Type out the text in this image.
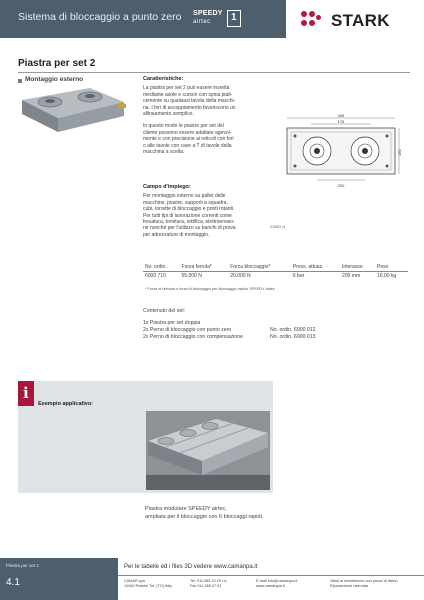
Sistema di bloccaggio a punto zero SPEEDY
airtec 1	STARK
Piastra per set 2
Montaggio esterno	Caratteristiche:
La piastra per set 2 può essere inserita
mediante asole e cursori con spina piali-
cemente su qualsiasi tavola della macchi-
na. I fori di accoppiamento favoriscono un
allineamento semplice.
In questo modo le piastre per set del
cliente possono essere adattate agevol-
mente e con precisione ai reticoli con fori
o alle tavole con cave a T di tavole della
macchina a scelta.
Campo d'impiego:
Per montaggio esterno su pallet delle
macchine, piastre, supporti a squadra,
cubi, torrette di bloccaggio e ponti rotanti.
Per tutti tipi di lavorazione correnti come
fresatura, tornitura, rettifica, elettroerosio-
ne nonché per l'utilizzo su banchi di prova
per attrezzature di montaggio.
346
176
200
150
23883 N
No. ordin.	Forza ferrula*	Forza bloccaggio*	Press. attuaz.	Interasse	Peso
6000 710	55.000 N	20.000 N	6 bar	200 mm	16,00 kg
* Forza di ritenuta e forza di bloccaggio per bloccaggio rapido SPEEDY airtec
Contenuto del set:
1x Piastra per set doppia
2x Perno di bloccaggio con punto zero	No. ordin. 6000 012
2x Perno di bloccaggio con compensazione	No. ordin. 6000 013
i
Esempio applicativo:
Piastra modulare SPEEDY airtec,
ampliata per il bloccaggio con 6 bloccaggi rapidi.
Piastra per set 2
4.1
Per le tabelle ed i files 3D vedere www.camanpa.it
CAMAR spa
10040 Piobesi Tor. (TO) Italy
Tel. 011.965.10.29 r.a.
Fax 011.965.47.01
E-mail info@camarspa.it
www.camarspa.it
Validi al rivestimento con prezzi di listino
Riproduzione riservata
